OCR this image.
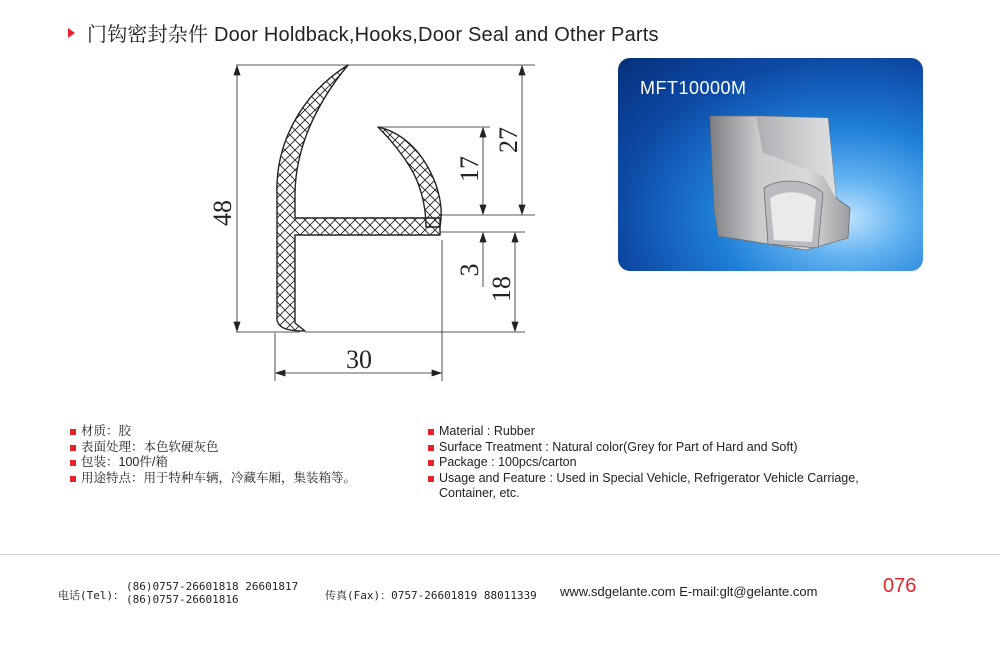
门钩密封杂件 Door Holdback,Hooks,Door Seal and Other Parts
48
27
17
3
18
30
MFT10000M
材质：胶
表面处理：本色软硬灰色
包装：100件/箱
用途特点：用于特种车辆，冷藏车厢，集装箱等。
Material : Rubber
Surface Treatment : Natural color(Grey for Part of Hard and Soft)
Package : 100pcs/carton
Usage and Feature : Used in Special Vehicle, Refrigerator Vehicle Carriage, Container, etc.
电话(Tel)：
(86)0757-26601818 26601817
(86)0757-26601816	传真(Fax)：0757-26601819 88011339 www.sdgelante.com E-mail:glt@gelante.com	076
